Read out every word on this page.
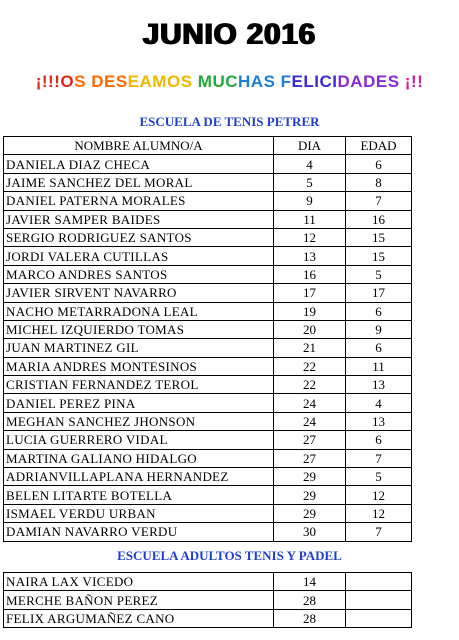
JUNIO 2016
¡!!!OS DESEAMOS MUCHAS FELICIDADES ¡!!
ESCUELA DE TENIS PETRER
NOMBRE ALUMNO/A	DIA	EDAD
DANIELA DIAZ CHECA	4	6
JAIME SANCHEZ DEL MORAL	5	8
DANIEL PATERNA MORALES	9	7
JAVIER SAMPER BAIDES	11	16
SERGIO RODRIGUEZ SANTOS	12	15
JORDI VALERA CUTILLAS	13	15
MARCO ANDRES SANTOS	16	5
JAVIER SIRVENT NAVARRO	17	17
NACHO METARRADONA LEAL	19	6
MICHEL IZQUIERDO TOMAS	20	9
JUAN MARTINEZ GIL	21	6
MARIA ANDRES MONTESINOS	22	11
CRISTIAN FERNANDEZ TEROL	22	13
DANIEL PEREZ PINA	24	4
MEGHAN SANCHEZ JHONSON	24	13
LUCIA GUERRERO VIDAL	27	6
MARTINA GALIANO HIDALGO	27	7
ADRIANVILLAPLANA HERNANDEZ	29	5
BELEN LITARTE BOTELLA	29	12
ISMAEL VERDU URBAN	29	12
DAMIAN NAVARRO VERDU	30	7
ESCUELA ADULTOS TENIS Y PADEL
NAIRA LAX VICEDO	14	
MERCHE BAÑON PEREZ	28	
FELIX ARGUMAÑEZ CANO	28	
